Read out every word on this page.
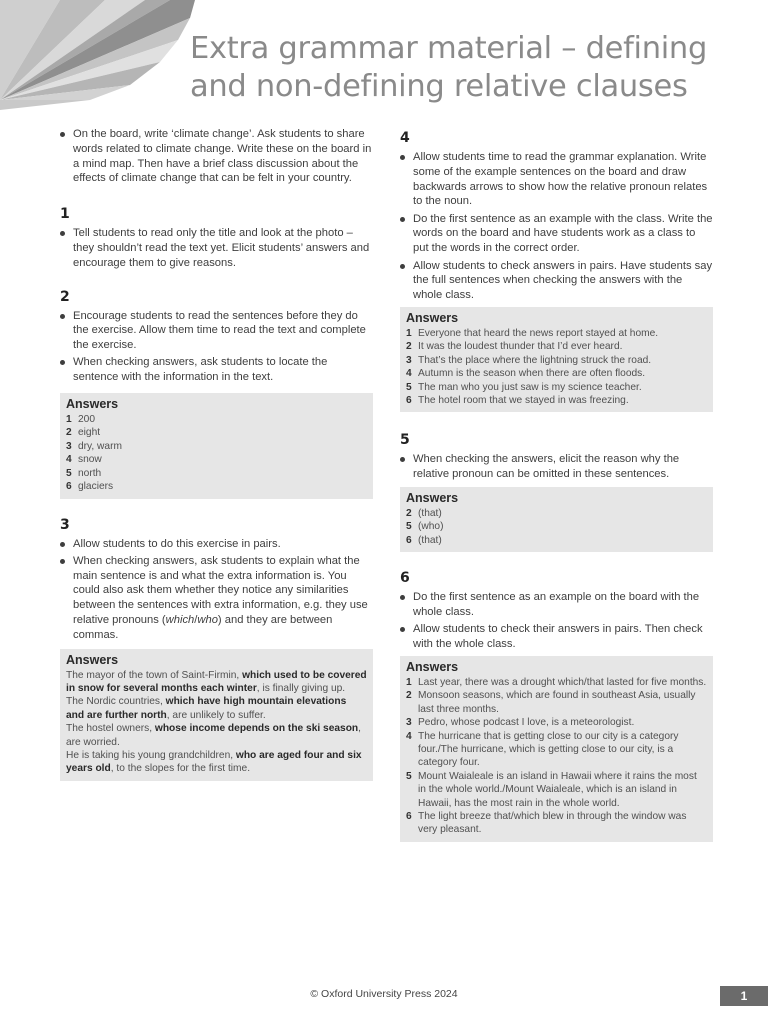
Extra grammar material – defining
and non-defining relative clauses
On the board, write ‘climate change’. Ask students to share words related to climate change. Write these on the board in a mind map. Then have a brief class discussion about the effects of climate change that can be felt in your country.
1
Tell students to read only the title and look at the photo – they shouldn’t read the text yet. Elicit students’ answers and encourage them to give reasons.
2
Encourage students to read the sentences before they do the exercise. Allow them time to read the text and complete the exercise.
When checking answers, ask students to locate the sentence with the information in the text.
Answers
1 200
2 eight
3 dry, warm
4 snow
5 north
6 glaciers
3
Allow students to do this exercise in pairs.
When checking answers, ask students to explain what the main sentence is and what the extra information is. You could also ask them whether they notice any similarities between the sentences with extra information, e.g. they use relative pronouns (which/who) and they are between commas.
Answers
The mayor of the town of Saint-Firmin, which used to be covered in snow for several months each winter, is finally giving up.
The Nordic countries, which have high mountain elevations and are further north, are unlikely to suffer.
The hostel owners, whose income depends on the ski season, are worried.
He is taking his young grandchildren, who are aged four and six years old, to the slopes for the first time.
4
Allow students time to read the grammar explanation. Write some of the example sentences on the board and draw backwards arrows to show how the relative pronoun relates to the noun.
Do the first sentence as an example with the class. Write the words on the board and have students work as a class to put the words in the correct order.
Allow students to check answers in pairs. Have students say the full sentences when checking the answers with the whole class.
Answers
1 Everyone that heard the news report stayed at home.
2 It was the loudest thunder that I’d ever heard.
3 That’s the place where the lightning struck the road.
4 Autumn is the season when there are often floods.
5 The man who you just saw is my science teacher.
6 The hotel room that we stayed in was freezing.
5
When checking the answers, elicit the reason why the relative pronoun can be omitted in these sentences.
Answers
2 (that)
5 (who)
6 (that)
6
Do the first sentence as an example on the board with the whole class.
Allow students to check their answers in pairs. Then check with the whole class.
Answers
1 Last year, there was a drought which/that lasted for five months.
2 Monsoon seasons, which are found in southeast Asia, usually last three months.
3 Pedro, whose podcast I love, is a meteorologist.
4 The hurricane that is getting close to our city is a category four./The hurricane, which is getting close to our city, is a category four.
5 Mount Waialeale is an island in Hawaii where it rains the most in the whole world./Mount Waialeale, which is an island in Hawaii, has the most rain in the whole world.
6 The light breeze that/which blew in through the window was very pleasant.
© Oxford University Press 2024	1
